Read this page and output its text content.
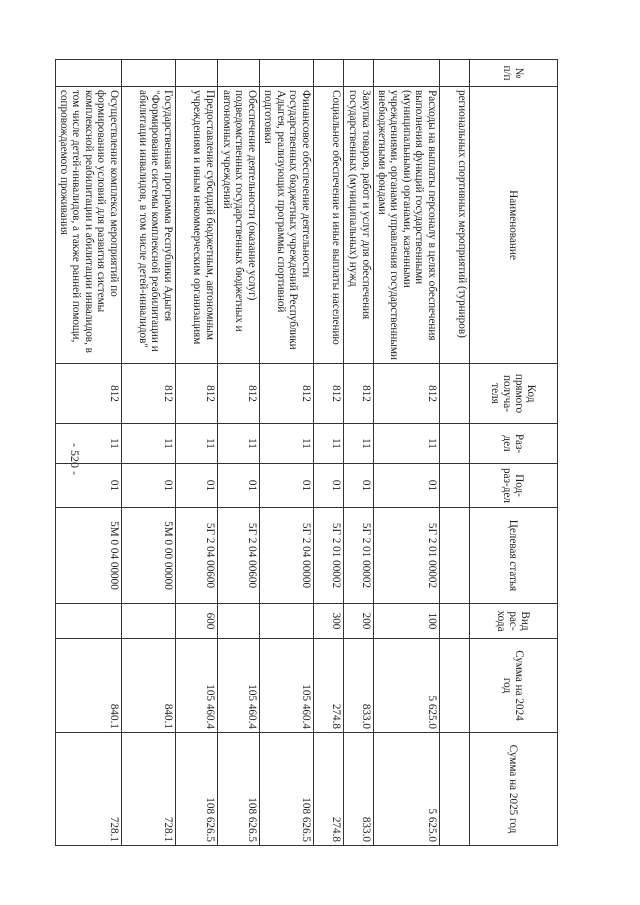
- 520 -
№ п/п	Наименование	Код прямого получа-теля	Раз-дел	Под-раз-дел	Целевая статья	Вид рас-хода	Сумма на 2024 год	Сумма на 2025 год
	региональных спортивных мероприятий (турниров)							
	Расходы на выплаты персоналу в целях обеспечения выполнения функций государственными (муниципальными) органами, казенными учреждениями, органами управления государственными внебюджетными фондами	812	11	01	5Г 2 01 00002	100	5 625.0	5 625.0
	Закупка товаров, работ и услуг для обеспечения государственных (муниципальных) нужд	812	11	01	5Г 2 01 00002	200	833.0	833.0
	Социальное обеспечение и иные выплаты населению	812	11	01	5Г 2 01 00002	300	274.8	274.8
	Финансовое обеспечение деятельности государственных бюджетных учреждений Республики Адыгея, реализующих программы спортивной подготовки	812	11	01	5Г 2 04 00000		105 460.4	108 626.5
	Обеспечение деятельности (оказание услуг) подведомственных государственных бюджетных и автономных учреждений	812	11	01	5Г 2 04 00600		105 460.4	108 626.5
	Предоставление субсидий бюджетным, автономным учреждениям и иным некоммерческим организациям	812	11	01	5Г 2 04 00600	600	105 460.4	108 626.5
	Государственная программа Республики Адыгея "Формирование системы комплексной реабилитации и абилитации инвалидов, в том числе детей-инвалидов"	812	11	01	5М 0 00 00000		840.1	728.1
	Осуществление комплекса мероприятий по формированию условий для развития системы комплексной реабилитации и абилитации инвалидов, в том числе детей-инвалидов, а также ранней помощи, сопровождаемого проживания	812	11	01	5М 0 04 00000		840.1	728.1
